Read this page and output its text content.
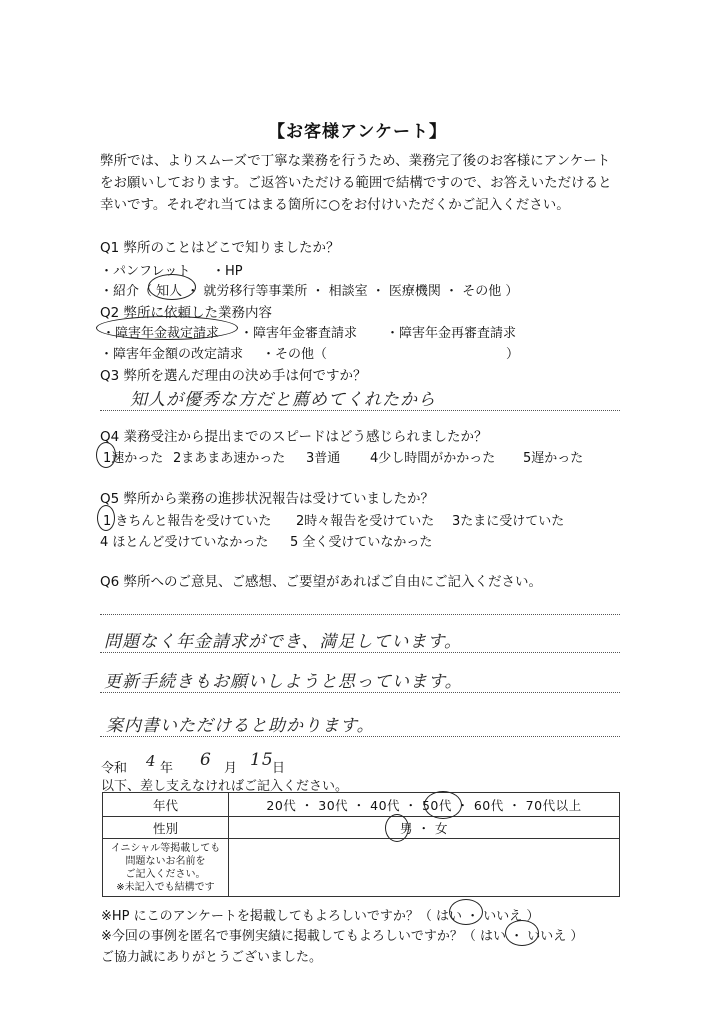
【お客様アンケート】
弊所では、よりスムーズで丁寧な業務を行うため、業務完了後のお客様にアンケート
をお願いしております。ご返答いただける範囲で結構ですので、お答えいただけると
幸いです。それぞれ当てはまる箇所に○をお付けいただくかご記入ください。
Q1 弊所のことはどこで知りましたか？
・パンフレット ・HP
・紹介（ 知人 ・ 就労移行等事業所 ・ 相談室 ・ 医療機関 ・ その他 ）
Q2 弊所に依頼した業務内容
・障害年金裁定請求 ・障害年金審査請求 ・障害年金再審査請求
・障害年金額の改定請求 ・その他（	）
Q3 弊所を選んだ理由の決め手は何ですか？
知人が優秀な方だと薦めてくれたから
Q4 業務受注から提出までのスピードはどう感じられましたか？
1速かった 2まあまあ速かった 3普通 4少し時間がかかった 5遅かった
Q5 弊所から業務の進捗状況報告は受けていましたか？
1 きちんと報告を受けていた 2時々報告を受けていた 3たまに受けていた
4 ほとんど受けていなかった 5 全く受けていなかった
Q6 弊所へのご意見、ご感想、ご要望があればご自由にご記入ください。
問題なく年金請求ができ、満足しています。
更新手続きもお願いしようと思っています。
案内書いただけると助かります。
令和 4 年 6 月 15
日
以下、差し支えなければご記入ください。
年代	20代 ・ 30代 ・ 40代 ・ 50代 ・ 60代 ・ 70代以上
性別	男 ・ 女

イニシャル等掲載しても
問題ないお名前を
ご記入ください。
※未記入でも結構です	

※HP にこのアンケートを掲載してもよろしいですか？（ はい ・ いいえ ）
※今回の事例を匿名で事例実績に掲載してもよろしいですか？（ はい ・ いいえ ）
ご協力誠にありがとうございました。
